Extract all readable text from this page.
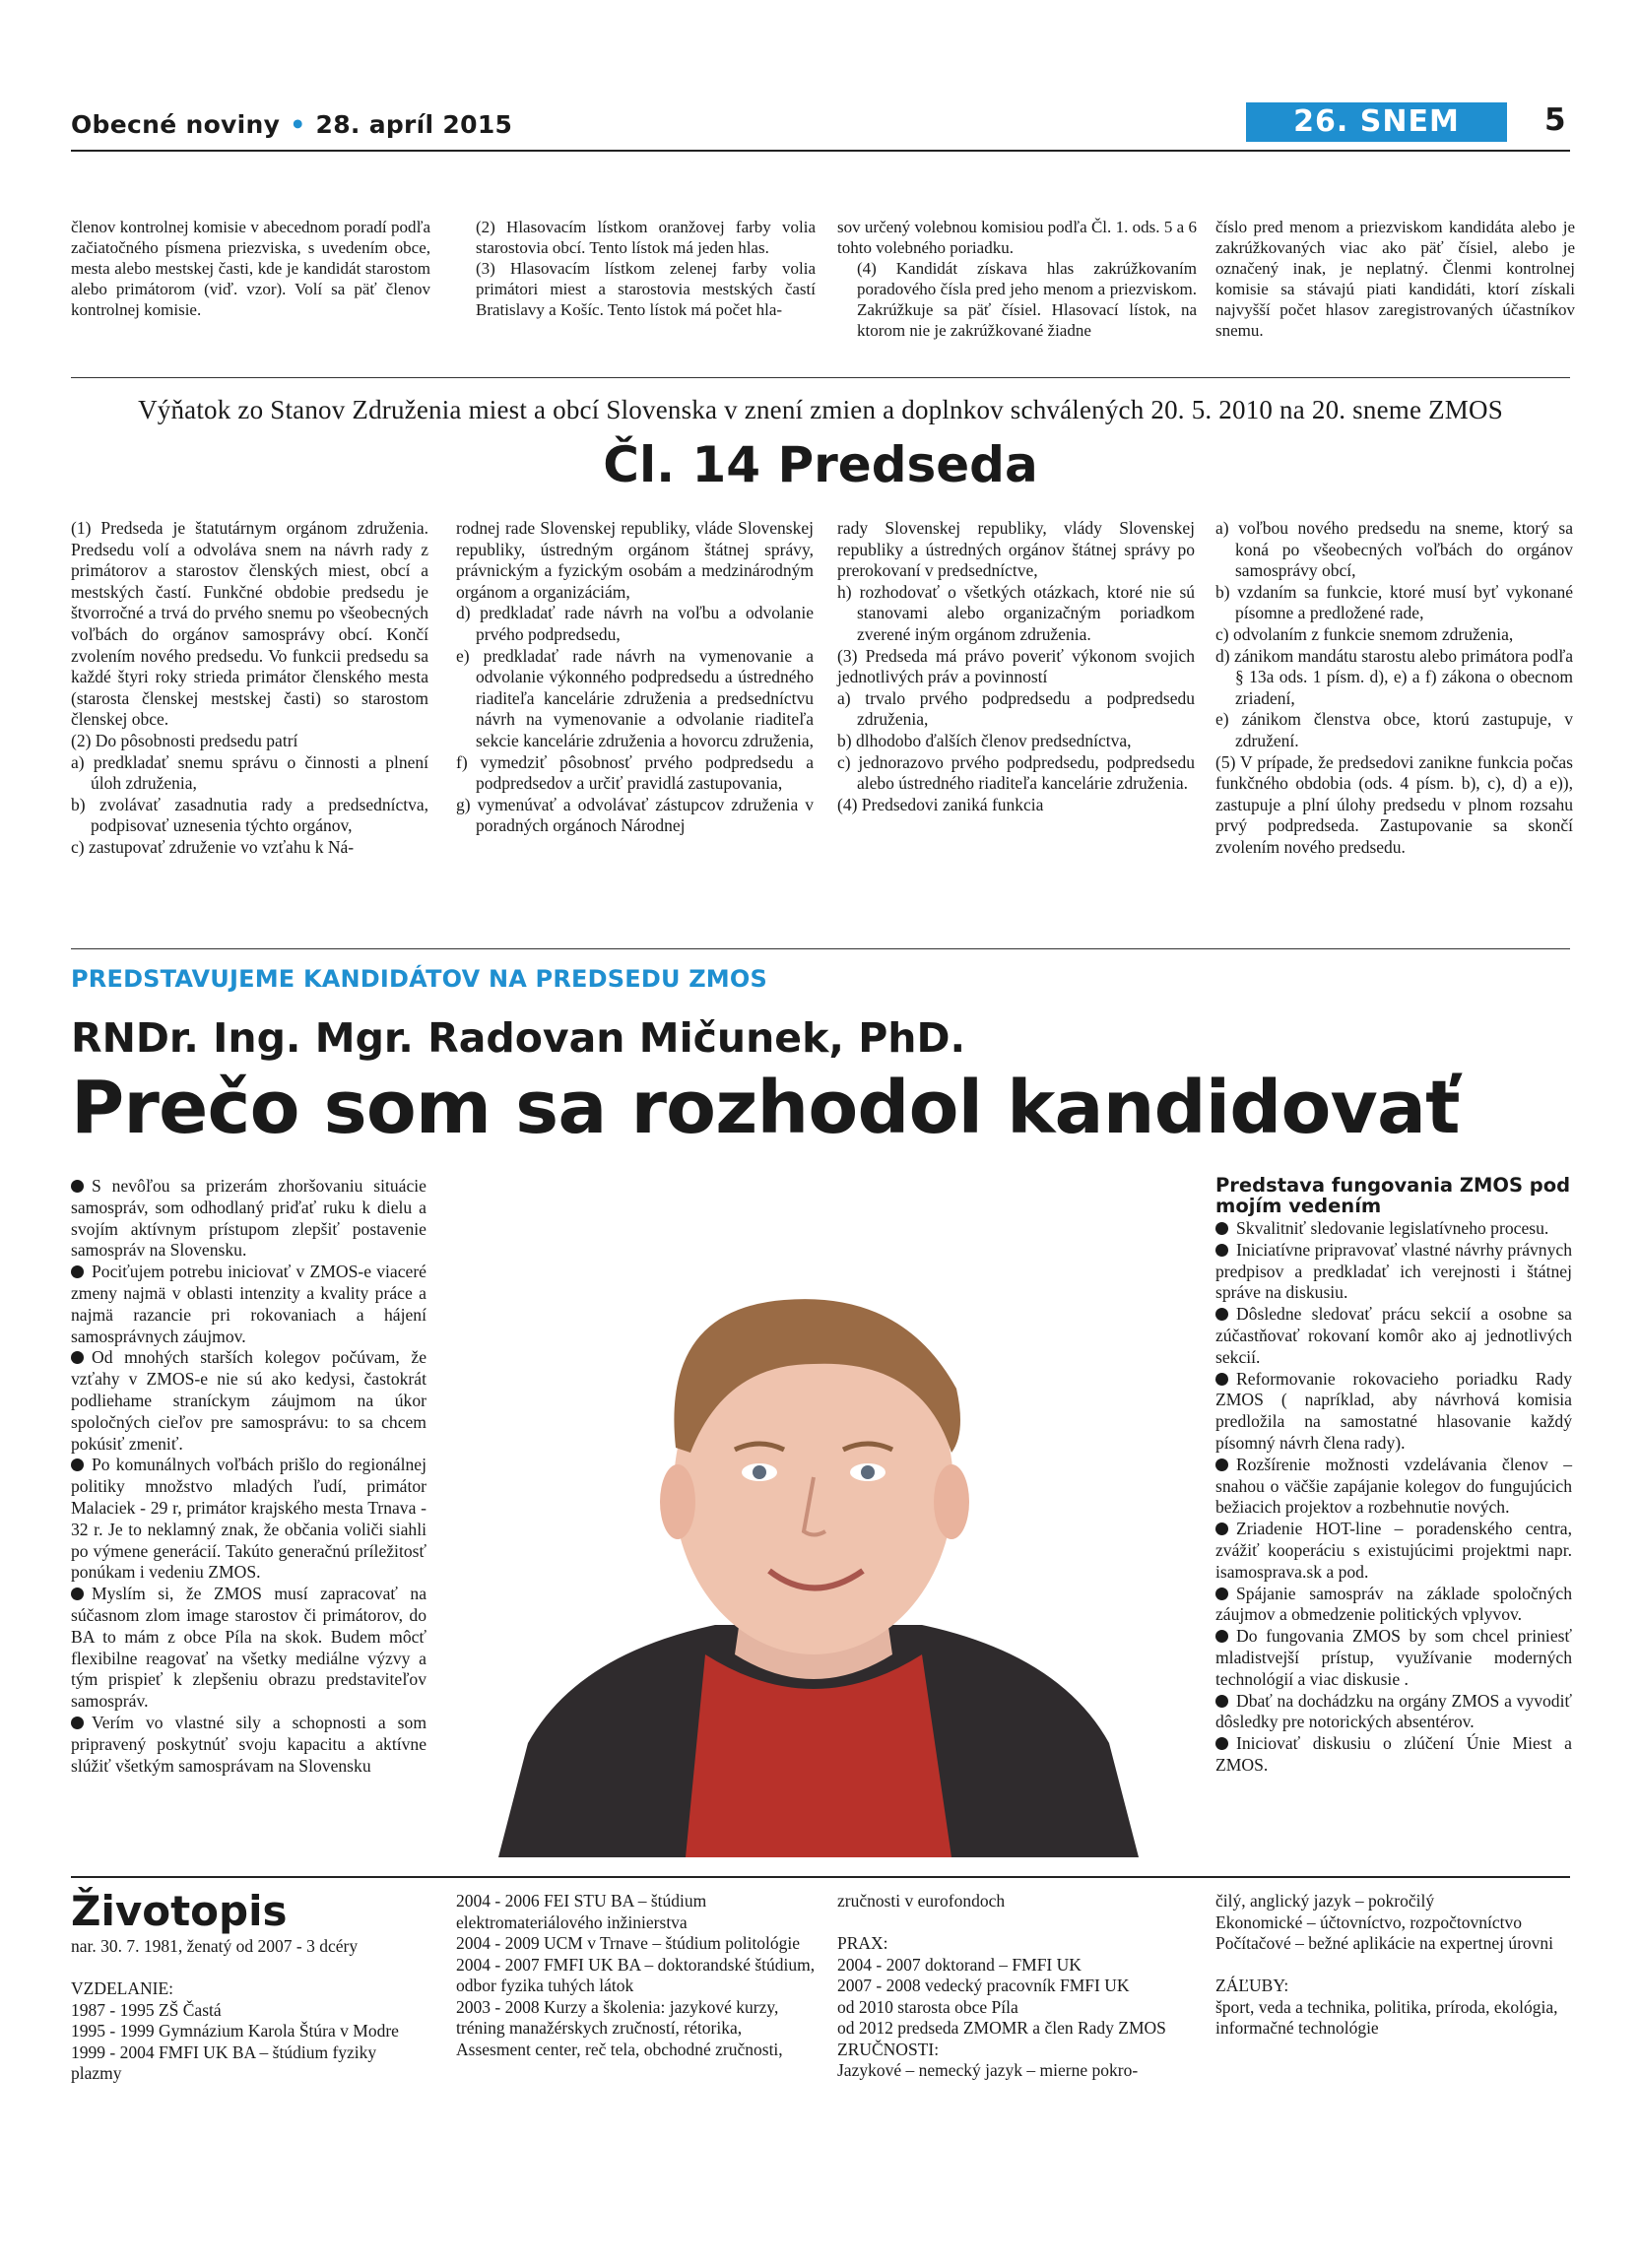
Obecné noviny • 28. apríl 2015	26. SNEM ZMOS
5

členov kontrolnej komisie v abecednom poradí podľa začiatočného písmena priezviska, s uvedením obce, mesta alebo mestskej časti, kde je kandidát starostom alebo primátorom (viď. vzor). Volí sa päť členov kontrolnej komisie.

(2) Hlasovacím lístkom oranžovej farby volia starostovia obcí. Tento lístok má jeden hlas.

(3) Hlasovacím lístkom zelenej farby volia primátori miest a starostovia mestských častí Bratislavy a Košíc. Tento lístok má počet hla-

sov určený volebnou komisiou podľa Čl. 1. ods. 5 a 6 tohto volebného poriadku.

(4) Kandidát získava hlas zakrúžkovaním poradového čísla pred jeho menom a priezviskom. Zakrúžkuje sa päť čísiel. Hlasovací lístok, na ktorom nie je zakrúžkované žiadne

číslo pred menom a priezviskom kandidáta alebo je zakrúžkovaných viac ako päť čísiel, alebo je označený inak, je neplatný. Členmi kontrolnej komisie sa stávajú piati kandidáti, ktorí získali najvyšší počet hlasov zaregistrovaných účastníkov snemu.

Výňatok zo Stanov Združenia miest a obcí Slovenska v znení zmien a doplnkov schválených 20. 5. 2010 na 20. sneme ZMOS
Čl. 14 Predseda

(1) Predseda je štatutárnym orgánom združenia. Predsedu volí a odvoláva snem na návrh rady z primátorov a starostov členských miest, obcí a mestských častí. Funkčné obdobie predsedu je štvorročné a trvá do prvého snemu po všeobecných voľbách do orgánov samosprávy obcí. Končí zvolením nového predsedu. Vo funkcii predsedu sa každé štyri roky strieda primátor členského mesta (starosta členskej mestskej časti) so starostom členskej obce.

(2) Do pôsobnosti predsedu patrí

a) predkladať snemu správu o činnosti a plnení úloh združenia,

b) zvolávať zasadnutia rady a predsedníctva, podpisovať uznesenia týchto orgánov,

c) zastupovať združenie vo vzťahu k Ná-

rodnej rade Slovenskej republiky, vláde Slovenskej republiky, ústredným orgánom štátnej správy, právnickým a fyzickým osobám a medzinárodným orgánom a organizáciám,

d) predkladať rade návrh na voľbu a odvolanie prvého podpredsedu,

e) predkladať rade návrh na vymenovanie a odvolanie výkonného podpredsedu a ústredného riaditeľa kancelárie združenia a predsedníctvu návrh na vymenovanie a odvolanie riaditeľa sekcie kancelárie združenia a hovorcu združenia,

f) vymedziť pôsobnosť prvého podpredsedu a podpredsedov a určiť pravidlá zastupovania,

g) vymenúvať a odvolávať zástupcov združenia v poradných orgánoch Národnej

rady Slovenskej republiky, vlády Slovenskej republiky a ústredných orgánov štátnej správy po prerokovaní v predsedníctve,

h) rozhodovať o všetkých otázkach, ktoré nie sú stanovami alebo organizačným poriadkom zverené iným orgánom združenia.

(3) Predseda má právo poveriť výkonom svojich jednotlivých práv a povinností

a) trvalo prvého podpredsedu a podpredsedu združenia,

b) dlhodobo ďalších členov predsedníctva,

c) jednorazovo prvého podpredsedu, podpredsedu alebo ústredného riaditeľa kancelárie združenia.

(4) Predsedovi zaniká funkcia

a) voľbou nového predsedu na sneme, ktorý sa koná po všeobecných voľbách do orgánov samosprávy obcí,

b) vzdaním sa funkcie, ktoré musí byť vykonané písomne a predložené rade,

c) odvolaním z funkcie snemom združenia,

d) zánikom mandátu starostu alebo primátora podľa § 13a ods. 1 písm. d), e) a f) zákona o obecnom zriadení,

e) zánikom členstva obce, ktorú zastupuje, v združení.

(5) V prípade, že predsedovi zanikne funkcia počas funkčného obdobia (ods. 4 písm. b), c), d) a e)), zastupuje a plní úlohy predsedu v plnom rozsahu prvý podpredseda. Zastupovanie sa skončí zvolením nového predsedu.

PREDSTAVUJEME KANDIDÁTOV NA PREDSEDU ZMOS
RNDr. Ing. Mgr. Radovan Mičunek, PhD.
Prečo som sa rozhodol kandidovať

S nevôľou sa prizerám zhoršovaniu situácie samospráv, som odhodlaný priďať ruku k dielu a svojím aktívnym prístupom zlepšiť postavenie samospráv na Slovensku.

Pociťujem potrebu iniciovať v ZMOS-e viaceré zmeny najmä v oblasti intenzity a kvality práce a najmä razancie pri rokovaniach a hájení samosprávnych záujmov.

Od mnohých starších kolegov počúvam, že vzťahy v ZMOS-e nie sú ako kedysi, častokrát podliehame straníckym záujmom na úkor spoločných cieľov pre samosprávu: to sa chcem pokúsiť zmeniť.

Po komunálnych voľbách prišlo do regionálnej politiky množstvo mladých ľudí, primátor Malaciek - 29 r, primátor krajského mesta Trnava - 32 r. Je to neklamný znak, že občania voliči siahli po výmene generácií. Takúto generačnú príležitosť ponúkam i vedeniu ZMOS.

Myslím si, že ZMOS musí zapracovať na súčasnom zlom image starostov či primátorov, do BA to mám z obce Píla na skok. Budem môcť flexibilne reagovať na všetky mediálne výzvy a tým prispieť k zlepšeniu obrazu predstaviteľov samospráv.

Verím vo vlastné sily a schopnosti a som pripravený poskytnúť svoju kapacitu a aktívne slúžiť všetkým samosprávam na Slovensku

Predstava fungovania ZMOS pod mojím vedením

Skvalitniť sledovanie legislatívneho procesu.

Iniciatívne pripravovať vlastné návrhy právnych predpisov a predkladať ich verejnosti i štátnej správe na diskusiu.

Dôsledne sledovať prácu sekcií a osobne sa zúčastňovať rokovaní komôr ako aj jednotlivých sekcií.

Reformovanie rokovacieho poriadku Rady ZMOS ( napríklad, aby návrhová komisia predložila na samostatné hlasovanie každý písomný návrh člena rady).

Rozšírenie možnosti vzdelávania členov – snahou o väčšie zapájanie kolegov do fungujúcich bežiacich projektov a rozbehnutie nových.

Zriadenie HOT-line – poradenského centra, zvážiť kooperáciu s existujúcimi projektmi napr. isamosprava.sk a pod.

Spájanie samospráv na základe spoločných záujmov a obmedzenie politických vplyvov.

Do fungovania ZMOS by som chcel priniesť mladistvejší prístup, využívanie moderných technológií a viac diskusie .

Dbať na dochádzku na orgány ZMOS a vyvodiť dôsledky pre notorických absentérov.

Iniciovať diskusiu o zlúčení Únie Miest a ZMOS.

Životopis

nar. 30. 7. 1981, ženatý od 2007 - 3 dcéry

VZDELANIE:

1987 - 1995 ZŠ Častá

1995 - 1999 Gymnázium Karola Štúra v Modre

1999 - 2004 FMFI UK BA – štúdium fyziky plazmy

2004 - 2006 FEI STU BA – štúdium elektromateriálového inžinierstva

2004 - 2009 UCM v Trnave – štúdium politológie

2004 - 2007 FMFI UK BA – doktorandské štúdium, odbor fyzika tuhých látok

2003 - 2008 Kurzy a školenia: jazykové kurzy, tréning manažérskych zručností, rétorika, Assesment center, reč tela, obchodné zručnosti,

zručnosti v eurofondoch

PRAX:

2004 - 2007 doktorand – FMFI UK

2007 - 2008 vedecký pracovník FMFI UK

od 2010 starosta obce Píla

od 2012 predseda ZMOMR a člen Rady ZMOS

ZRUČNOSTI:

Jazykové – nemecký jazyk – mierne pokro-

čilý, anglický jazyk – pokročilý

Ekonomické – účtovníctvo, rozpočtovníctvo

Počítačové – bežné aplikácie na expertnej úrovni

ZÁĽUBY:

šport, veda a technika, politika, príroda, ekológia, informačné technológie
